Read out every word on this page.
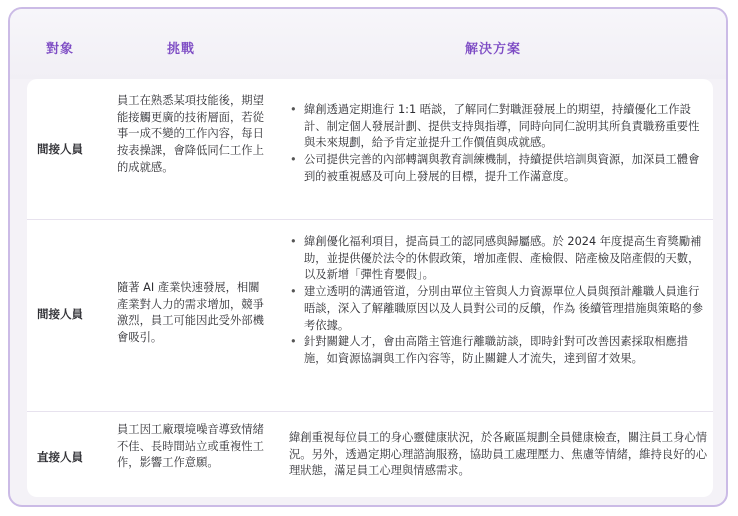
對象	挑戰	解決方案
間接人員
員工在熟悉某項技能後，期望能接觸更廣的技術層面，若從事一成不變的工作內容，每日按表操課，會降低同仁工作上的成就感。
• 緯創透過定期進行 1:1 晤談，了解同仁對職涯發展上的期望，持續優化工作設計、制定個人發展計劃、提供支持與指導，同時向同仁說明其所負責職務重要性與未來規劃，給予肯定並提升工作價值與成就感。
• 公司提供完善的內部轉調與教育訓練機制，持續提供培訓與資源，加深員工體會到的被重視感及可向上發展的目標，提升工作滿意度。
間接人員
隨著 AI 產業快速發展，相關產業對人力的需求增加，競爭激烈，員工可能因此受外部機會吸引。
• 緯創優化福利項目，提高員工的認同感與歸屬感。於 2024 年度提高生育獎勵補助，並提供優於法令的休假政策，增加產假、產檢假、陪產檢及陪產假的天數，以及新增「彈性育嬰假」。
• 建立透明的溝通管道，分別由單位主管與人力資源單位人員與預計離職人員進行晤談，深入了解離職原因以及人員對公司的反饋，作為 後續管理措施與策略的參考依據。
• 針對關鍵人才，會由高階主管進行離職訪談，即時針對可改善因素採取相應措施，如資源協調與工作內容等，防止關鍵人才流失，達到留才效果。
直接人員
員工因工廠環境噪音導致情緒不佳、長時間站立或重複性工作，影響工作意願。
緯創重視每位員工的身心靈健康狀況，於各廠區規劃全員健康檢查，關注員工身心情況。另外，透過定期心理諮詢服務，協助員工處理壓力、焦慮等情緒，維持良好的心理狀態，滿足員工心理與情感需求。
